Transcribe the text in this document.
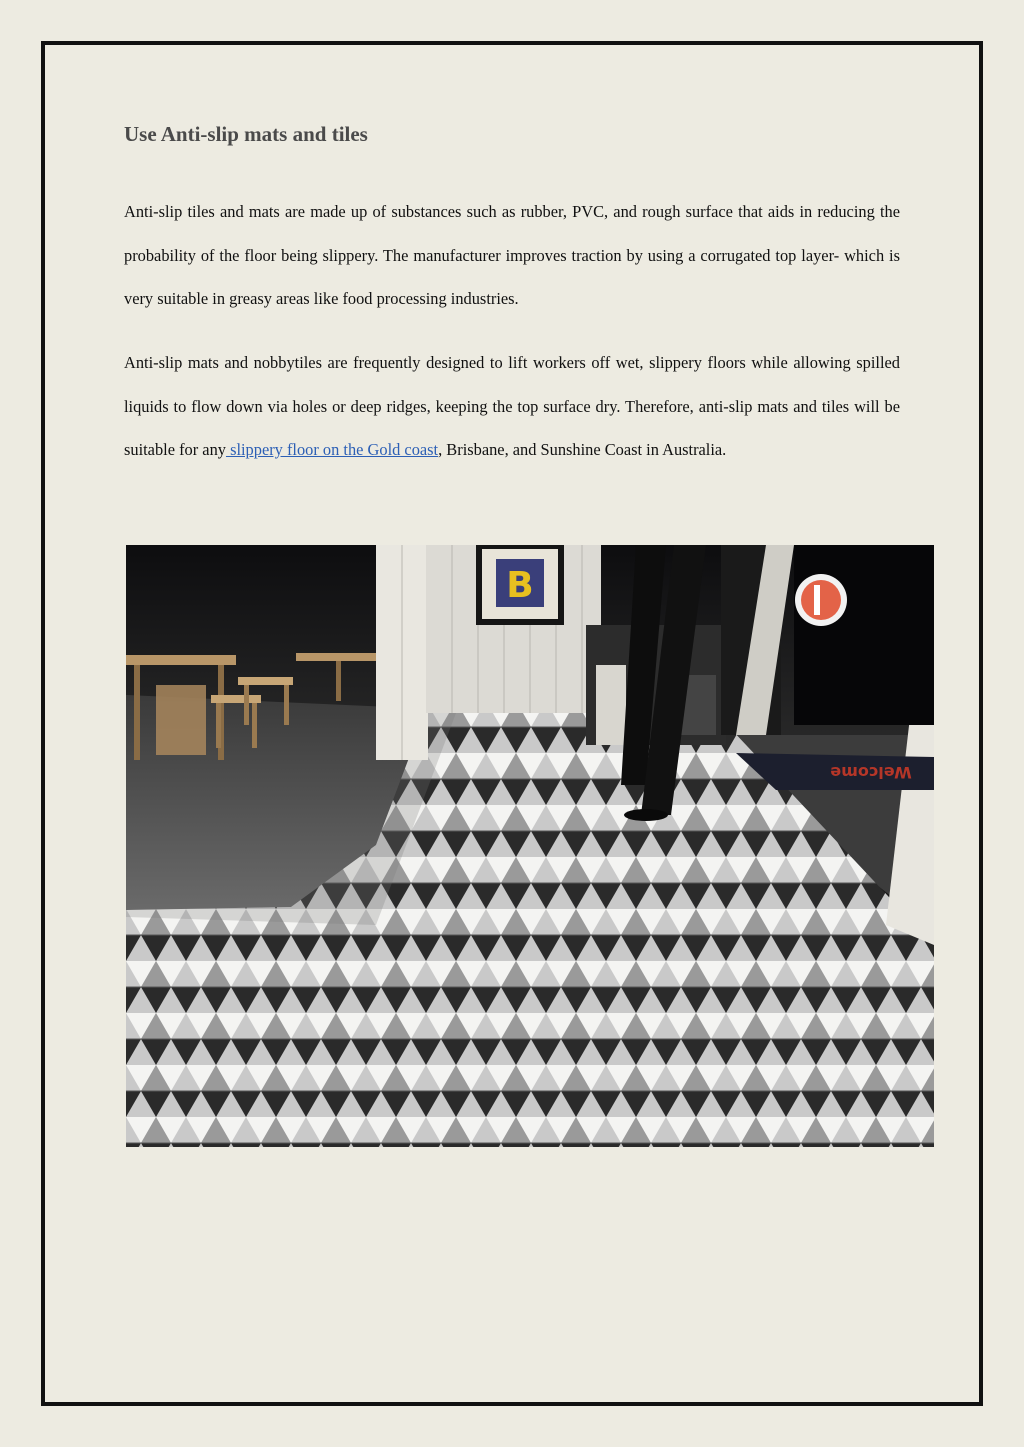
Use Anti-slip mats and tiles

Anti-slip tiles and mats are made up of substances such as rubber, PVC, and rough surface that aids in reducing the probability of the floor being slippery. The manufacturer improves traction by using a corrugated top layer- which is very suitable in greasy areas like food processing industries.

Anti-slip mats and nobbytiles are frequently designed to lift workers off wet, slippery floors while allowing spilled liquids to flow down via holes or deep ridges, keeping the top surface dry. Therefore, anti-slip mats and tiles will be suitable for any slippery floor on the Gold coast, Brisbane, and Sunshine Coast in Australia.

B
Welcome
